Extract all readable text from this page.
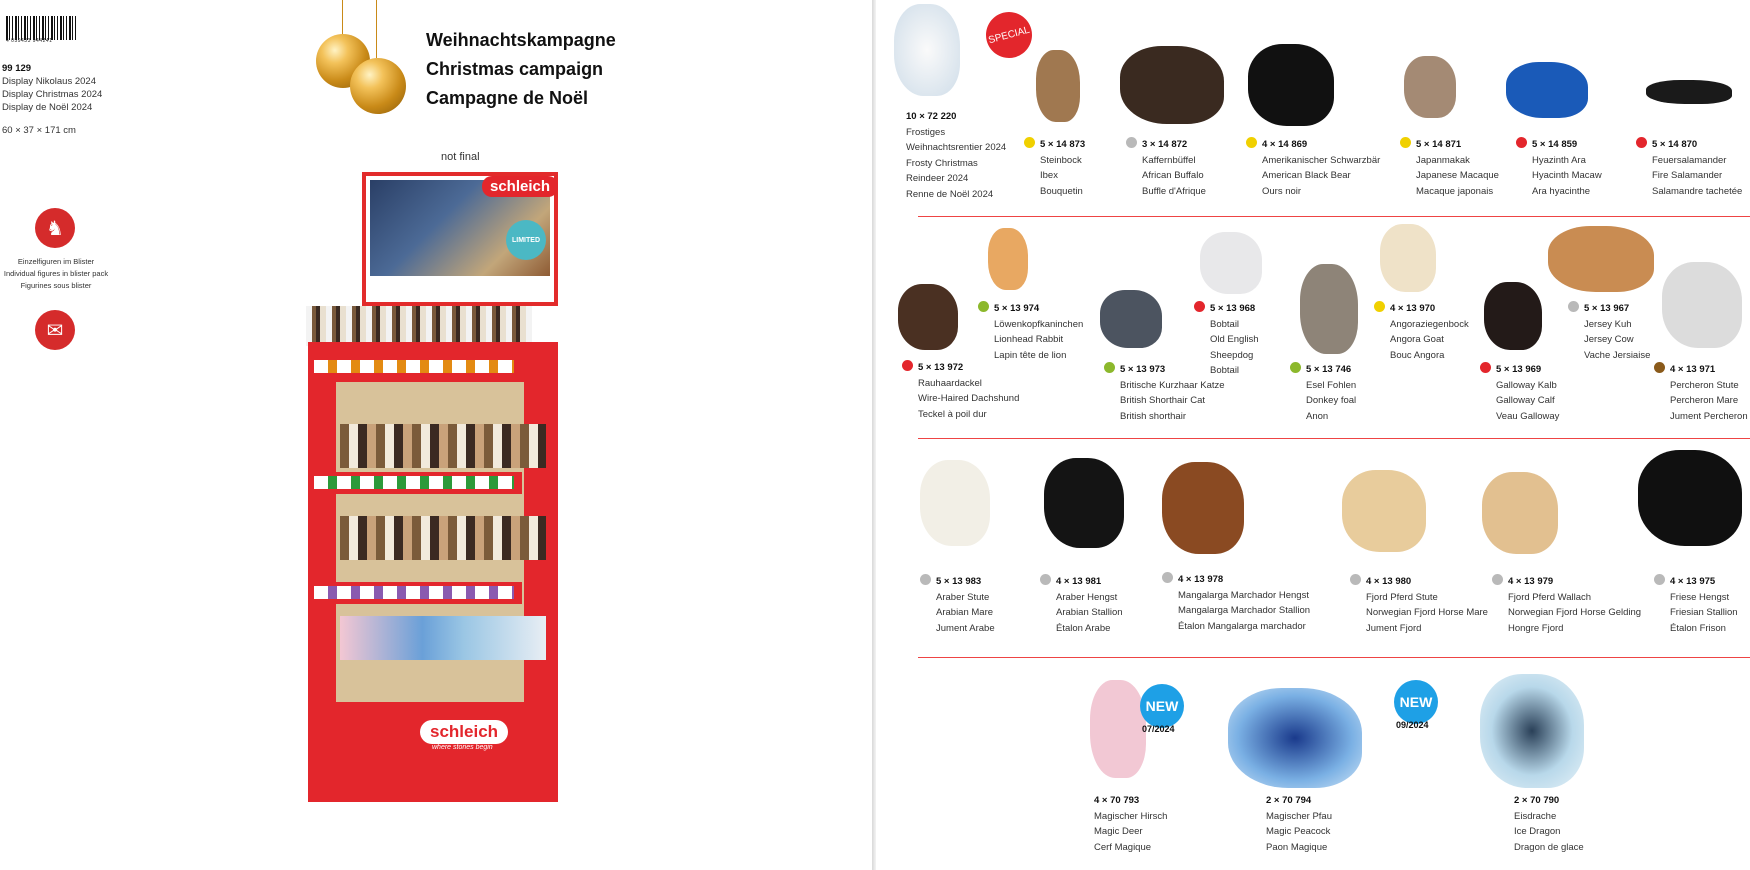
4 059433 944241
99 129
Display Nikolaus 2024
Display Christmas 2024
Display de Noël 2024
60 × 37 × 171 cm
♞
Einzelfiguren im Blister
Individual figures in blister pack
Figurines sous blister
✉
Weihnachtskampagne
Christmas campaign
Campagne de Noël
not final
LIMITED
schleich
schleich
where stories begin
SPECIAL
10 × 72 220
Frostiges
Weihnachtsrentier 2024
Frosty Christmas
Reindeer 2024
Renne de Noël 2024
5 × 14 873
Steinbock
Ibex
Bouquetin
3 × 14 872
Kaffernbüffel
African Buffalo
Buffle d'Afrique
4 × 14 869
Amerikanischer Schwarzbär
American Black Bear
Ours noir
5 × 14 871
Japanmakak
Japanese Macaque
Macaque japonais
5 × 14 859
Hyazinth Ara
Hyacinth Macaw
Ara hyacinthe
5 × 14 870
Feuersalamander
Fire Salamander
Salamandre tachetée
5 × 13 972
Rauhaardackel
Wire-Haired Dachshund
Teckel à poil dur
5 × 13 974
Löwenkopfkaninchen
Lionhead Rabbit
Lapin tête de lion
5 × 13 973
Britische Kurzhaar Katze
British Shorthair Cat
British shorthair
5 × 13 968
Bobtail
Old English
Sheepdog
Bobtail	5 × 13 746
Esel Fohlen
Donkey foal
Anon
4 × 13 970
Angoraziegenbock
Angora Goat
Bouc Angora
5 × 13 969
Galloway Kalb
Galloway Calf
Veau Galloway
5 × 13 967
Jersey Kuh
Jersey Cow
Vache Jersiaise
4 × 13 971
Percheron Stute
Percheron Mare
Jument Percheron
5 × 13 983
Araber Stute
Arabian Mare
Jument Arabe
4 × 13 981
Araber Hengst
Arabian Stallion
Étalon Arabe
4 × 13 978
Mangalarga Marchador Hengst
Mangalarga Marchador Stallion
Étalon Mangalarga marchador
4 × 13 980
Fjord Pferd Stute
Norwegian Fjord Horse Mare
Jument Fjord
4 × 13 979
Fjord Pferd Wallach
Norwegian Fjord Horse Gelding
Hongre Fjord
4 × 13 975
Friese Hengst
Friesian Stallion
Étalon Frison
NEW
07/2024
NEW
09/2024
4 × 70 793
Magischer Hirsch
Magic Deer
Cerf Magique
2 × 70 794
Magischer Pfau
Magic Peacock
Paon Magique
2 × 70 790
Eisdrache
Ice Dragon
Dragon de glace
